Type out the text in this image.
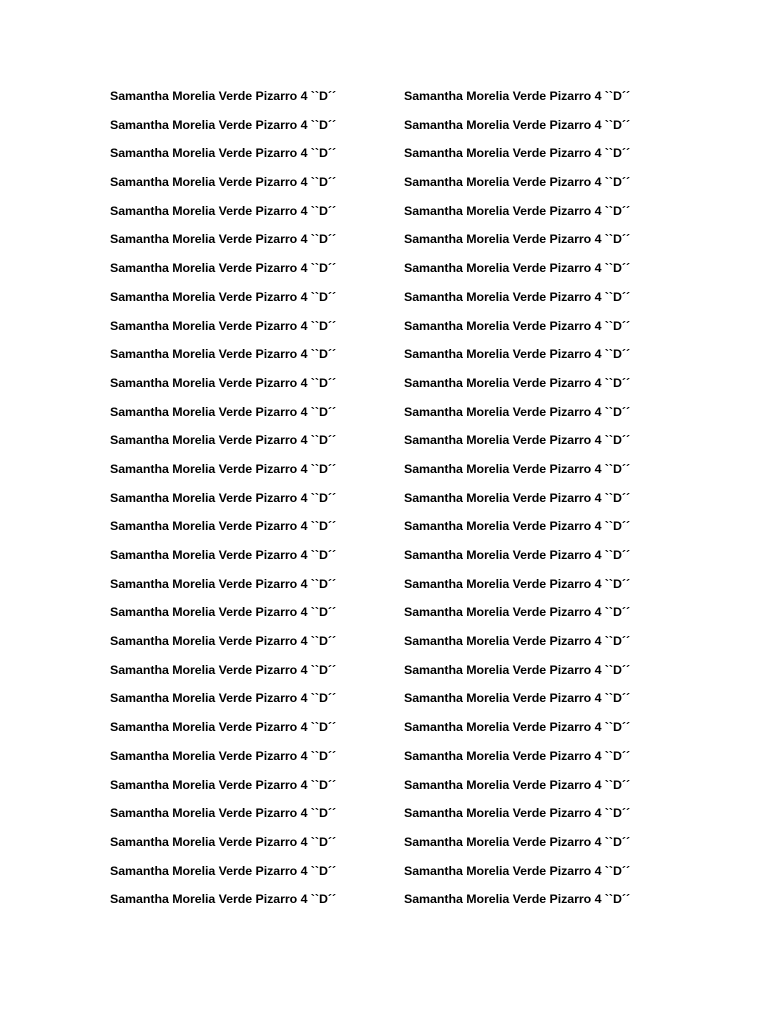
Samantha Morelia Verde Pizarro 4 ``D´´	Samantha Morelia Verde Pizarro 4 ``D´´
Samantha Morelia Verde Pizarro 4 ``D´´	Samantha Morelia Verde Pizarro 4 ``D´´
Samantha Morelia Verde Pizarro 4 ``D´´	Samantha Morelia Verde Pizarro 4 ``D´´
Samantha Morelia Verde Pizarro 4 ``D´´	Samantha Morelia Verde Pizarro 4 ``D´´
Samantha Morelia Verde Pizarro 4 ``D´´	Samantha Morelia Verde Pizarro 4 ``D´´
Samantha Morelia Verde Pizarro 4 ``D´´	Samantha Morelia Verde Pizarro 4 ``D´´
Samantha Morelia Verde Pizarro 4 ``D´´	Samantha Morelia Verde Pizarro 4 ``D´´
Samantha Morelia Verde Pizarro 4 ``D´´	Samantha Morelia Verde Pizarro 4 ``D´´
Samantha Morelia Verde Pizarro 4 ``D´´	Samantha Morelia Verde Pizarro 4 ``D´´
Samantha Morelia Verde Pizarro 4 ``D´´	Samantha Morelia Verde Pizarro 4 ``D´´
Samantha Morelia Verde Pizarro 4 ``D´´	Samantha Morelia Verde Pizarro 4 ``D´´
Samantha Morelia Verde Pizarro 4 ``D´´	Samantha Morelia Verde Pizarro 4 ``D´´
Samantha Morelia Verde Pizarro 4 ``D´´	Samantha Morelia Verde Pizarro 4 ``D´´
Samantha Morelia Verde Pizarro 4 ``D´´	Samantha Morelia Verde Pizarro 4 ``D´´
Samantha Morelia Verde Pizarro 4 ``D´´	Samantha Morelia Verde Pizarro 4 ``D´´
Samantha Morelia Verde Pizarro 4 ``D´´	Samantha Morelia Verde Pizarro 4 ``D´´
Samantha Morelia Verde Pizarro 4 ``D´´	Samantha Morelia Verde Pizarro 4 ``D´´
Samantha Morelia Verde Pizarro 4 ``D´´	Samantha Morelia Verde Pizarro 4 ``D´´
Samantha Morelia Verde Pizarro 4 ``D´´	Samantha Morelia Verde Pizarro 4 ``D´´
Samantha Morelia Verde Pizarro 4 ``D´´	Samantha Morelia Verde Pizarro 4 ``D´´
Samantha Morelia Verde Pizarro 4 ``D´´	Samantha Morelia Verde Pizarro 4 ``D´´
Samantha Morelia Verde Pizarro 4 ``D´´	Samantha Morelia Verde Pizarro 4 ``D´´
Samantha Morelia Verde Pizarro 4 ``D´´	Samantha Morelia Verde Pizarro 4 ``D´´
Samantha Morelia Verde Pizarro 4 ``D´´	Samantha Morelia Verde Pizarro 4 ``D´´
Samantha Morelia Verde Pizarro 4 ``D´´	Samantha Morelia Verde Pizarro 4 ``D´´
Samantha Morelia Verde Pizarro 4 ``D´´	Samantha Morelia Verde Pizarro 4 ``D´´
Samantha Morelia Verde Pizarro 4 ``D´´	Samantha Morelia Verde Pizarro 4 ``D´´
Samantha Morelia Verde Pizarro 4 ``D´´	Samantha Morelia Verde Pizarro 4 ``D´´
Samantha Morelia Verde Pizarro 4 ``D´´	Samantha Morelia Verde Pizarro 4 ``D´´
